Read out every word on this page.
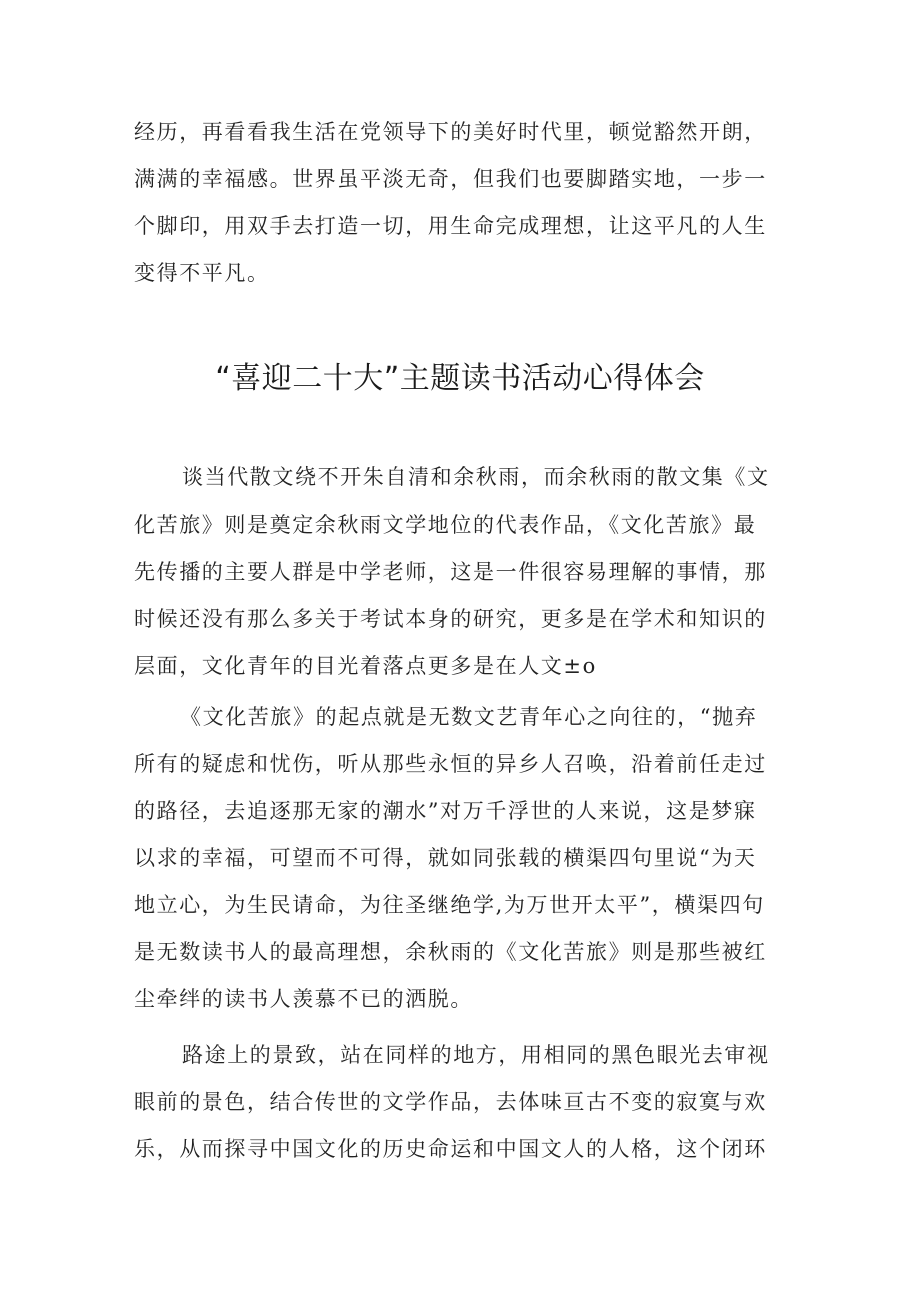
经历，再看看我生活在党领导下的美好时代里，顿觉豁然开朗，
满满的幸福感。世界虽平淡无奇，但我们也要脚踏实地，一步一
个脚印，用双手去打造一切，用生命完成理想，让这平凡的人生
变得不平凡。
“喜迎二十大”主题读书活动心得体会
谈当代散文绕不开朱自清和余秋雨，而余秋雨的散文集《文
化苦旅》则是奠定余秋雨文学地位的代表作品，《文化苦旅》最
先传播的主要人群是中学老师，这是一件很容易理解的事情，那
时候还没有那么多关于考试本身的研究，更多是在学术和知识的
层面，文化青年的目光着落点更多是在人文±o
《文化苦旅》的起点就是无数文艺青年心之向往的，“抛弃
所有的疑虑和忧伤，听从那些永恒的异乡人召唤，沿着前任走过
的路径，去追逐那无家的潮水”对万千浮世的人来说，这是梦寐
以求的幸福，可望而不可得，就如同张载的横渠四句里说“为天
地立心，为生民请命，为往圣继绝学,为万世开太平”，横渠四句
是无数读书人的最高理想，余秋雨的《文化苦旅》则是那些被红
尘牵绊的读书人羡慕不已的洒脱。
路途上的景致，站在同样的地方，用相同的黑色眼光去审视
眼前的景色，结合传世的文学作品，去体味亘古不变的寂寞与欢
乐，从而探寻中国文化的历史命运和中国文人的人格，这个闭环
